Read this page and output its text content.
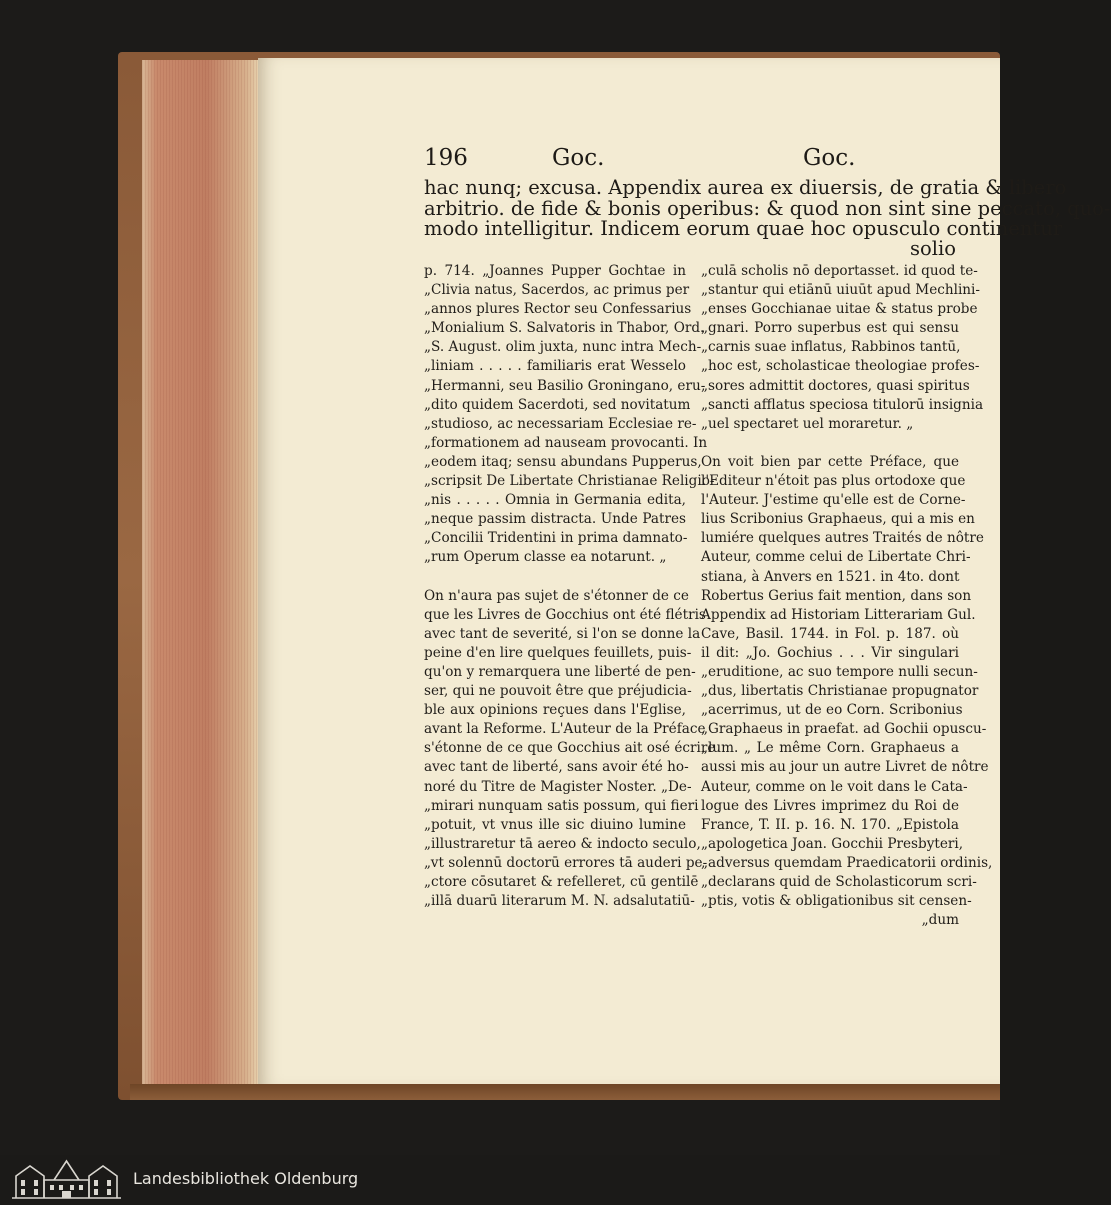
196	Goc.	Goc.
hac nunq; excusa. Appendix aurea ex diuersis, de gratia & libero
arbitrio. de fide & bonis operibus: & quod non sint sine peccato, quo-
modo intelligitur. Indicem eorum quae hoc opusculo continentur
solio
p. 714. „Joannes Pupper Gochtae in
„Clivia natus, Sacerdos, ac primus per
„annos plures Rector seu Confessarius
„Monialium S. Salvatoris in Thabor, Ord.
„S. August. olim juxta, nunc intra Mech-
„liniam . . . . . familiaris erat Wesselo
„Hermanni, seu Basilio Groningano, eru-
„dito quidem Sacerdoti, sed novitatum
„studioso, ac necessariam Ecclesiae re-
„formationem ad nauseam provocanti. In
„eodem itaq; sensu abundans Pupperus,
„scripsit De Libertate Christianae Religio-
„nis . . . . . Omnia in Germania edita,
„neque passim distracta. Unde Patres
„Concilii Tridentini in prima damnato-
„rum Operum classe ea notarunt. „
On n'aura pas sujet de s'étonner de ce
que les Livres de Gocchius ont été flétris
avec tant de severité, si l'on se donne la
peine d'en lire quelques feuillets, puis-
qu'on y remarquera une liberté de pen-
ser, qui ne pouvoit être que préjudicia-
ble aux opinions reçues dans l'Eglise,
avant la Reforme. L'Auteur de la Préface
s'étonne de ce que Gocchius ait osé écrire
avec tant de liberté, sans avoir été ho-
noré du Titre de Magister Noster. „De-
„mirari nunquam satis possum, qui fieri
„potuit, vt vnus ille sic diuino lumine
„illustraretur tā aereo & indocto seculo,
„vt solennū doctorū errores tā auderi pe-
„ctore cōsutaret & refelleret, cū gentilē
„illā duarū literarum M. N. adsalutatiū-
„culā scholis nō deportasset. id quod te-
„stantur qui etiānū uiuūt apud Mechlini-
„enses Gocchianae uitae & status probe
„gnari. Porro superbus est qui sensu
„carnis suae inflatus, Rabbinos tantū,
„hoc est, scholasticae theologiae profes-
„sores admittit doctores, quasi spiritus
„sancti afflatus speciosa titulorū insignia
„uel spectaret uel moraretur. „
On voit bien par cette Préface, que
l'Editeur n'étoit pas plus ortodoxe que
l'Auteur. J'estime qu'elle est de Corne-
lius Scribonius Graphaeus, qui a mis en
lumiére quelques autres Traités de nôtre
Auteur, comme celui de Libertate Chri-
stiana, à Anvers en 1521. in 4to. dont
Robertus Gerius fait mention, dans son
Appendix ad Historiam Litterariam Gul.
Cave, Basil. 1744. in Fol. p. 187. où
il dit: „Jo. Gochius . . . Vir singulari
„eruditione, ac suo tempore nulli secun-
„dus, libertatis Christianae propugnator
„acerrimus, ut de eo Corn. Scribonius
„Graphaeus in praefat. ad Gochii opuscu-
„lum. „ Le même Corn. Graphaeus a
aussi mis au jour un autre Livret de nôtre
Auteur, comme on le voit dans le Cata-
logue des Livres imprimez du Roi de
France, T. II. p. 16. N. 170. „Epistola
„apologetica Joan. Gocchii Presbyteri,
„adversus quemdam Praedicatorii ordinis,
„declarans quid de Scholasticorum scri-
„ptis, votis & obligationibus sit censen-
„dum
Landesbibliothek Oldenburg
